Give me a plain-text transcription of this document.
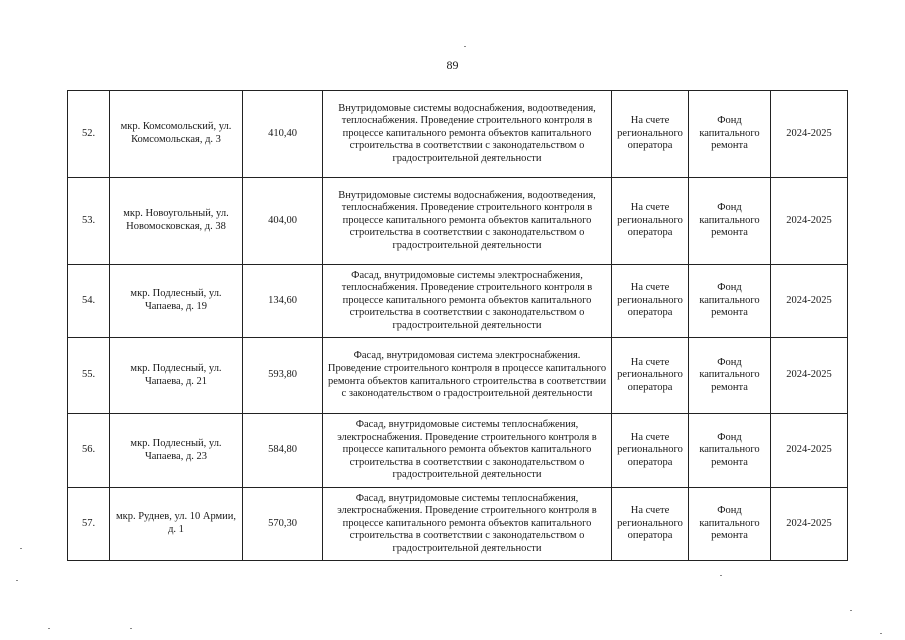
89
52.	мкр. Комсомольский, ул. Комсомольская, д. 3	410,40	Внутридомовые системы водоснабжения, водоотведения, теплоснабжения. Проведение строительного контроля в процессе капитального ремонта объектов капитального строительства в соответствии с законодательством о градостроительной деятельности	На счете регионального оператора	Фонд капитального ремонта	2024-2025
53.	мкр. Новоугольный, ул. Новомосковская, д. 38	404,00	Внутридомовые системы водоснабжения, водоотведения, теплоснабжения. Проведение строительного контроля в процессе капитального ремонта объектов капитального строительства в соответствии с законодательством о градостроительной деятельности	На счете регионального оператора	Фонд капитального ремонта	2024-2025
54.	мкр. Подлесный, ул. Чапаева, д. 19	134,60	Фасад, внутридомовые системы электроснабжения, теплоснабжения. Проведение строительного контроля в процессе капитального ремонта объектов капитального строительства в соответствии с законодательством о градостроительной деятельности	На счете регионального оператора	Фонд капитального ремонта	2024-2025
55.	мкр. Подлесный, ул. Чапаева, д. 21	593,80	Фасад, внутридомовая система электроснабжения. Проведение строительного контроля в процессе капитального ремонта объектов капитального строительства в соответствии с законодательством о градостроительной деятельности	На счете регионального оператора	Фонд капитального ремонта	2024-2025
56.	мкр. Подлесный, ул. Чапаева, д. 23	584,80	Фасад, внутридомовые системы теплоснабжения, электроснабжения. Проведение строительного контроля в процессе капитального ремонта объектов капитального строительства в соответствии с законодательством о градостроительной деятельности	На счете регионального оператора	Фонд капитального ремонта	2024-2025
57.	мкр. Руднев, ул. 10 Армии, д. 1	570,30	Фасад, внутридомовые системы теплоснабжения, электроснабжения. Проведение строительного контроля в процессе капитального ремонта объектов капитального строительства в соответствии с законодательством о градостроительной деятельности	На счете регионального оператора	Фонд капитального ремонта	2024-2025
